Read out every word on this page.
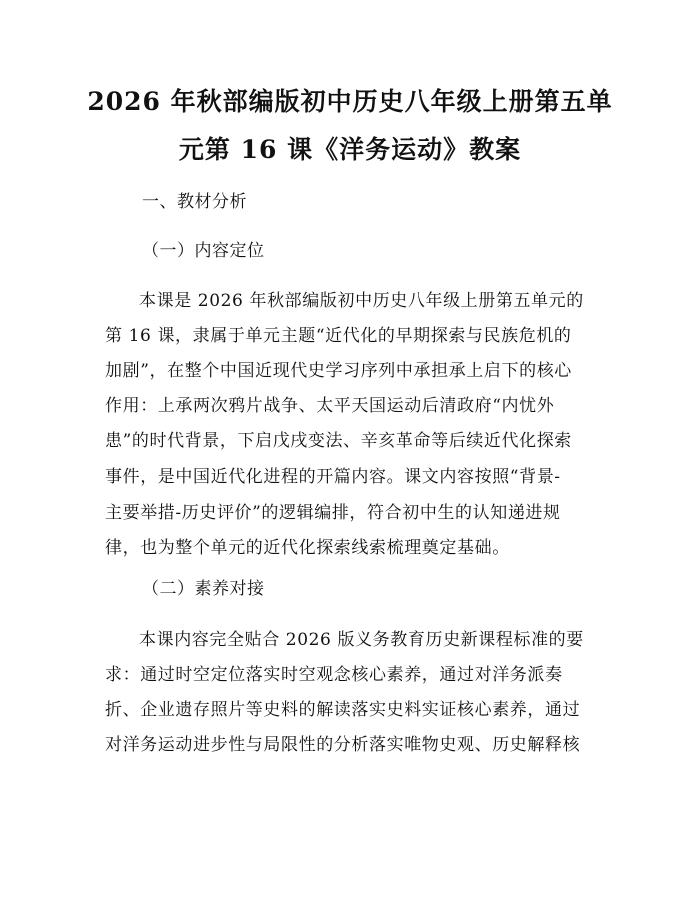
2026 年秋部编版初中历史八年级上册第五单
元第 16 课《洋务运动》教案
一、教材分析
（一）内容定位
本课是 2026 年秋部编版初中历史八年级上册第五单元的
第 16 课，隶属于单元主题“近代化的早期探索与民族危机的
加剧”，在整个中国近现代史学习序列中承担承上启下的核心
作用：上承两次鸦片战争、太平天国运动后清政府“内忧外
患”的时代背景，下启戊戌变法、辛亥革命等后续近代化探索
事件，是中国近代化进程的开篇内容。课文内容按照“背景-
主要举措-历史评价”的逻辑编排，符合初中生的认知递进规
律，也为整个单元的近代化探索线索梳理奠定基础。
（二）素养对接
本课内容完全贴合 2026 版义务教育历史新课程标准的要
求：通过时空定位落实时空观念核心素养，通过对洋务派奏
折、企业遗存照片等史料的解读落实史料实证核心素养，通过
对洋务运动进步性与局限性的分析落实唯物史观、历史解释核
